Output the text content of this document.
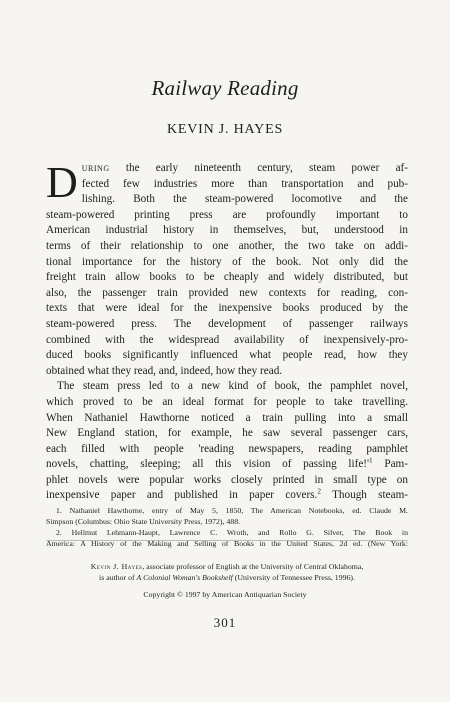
Railway Reading
KEVIN J. HAYES
D uring the early nineteenth century, steam power af-
fected few industries more than transportation and pub-
lishing. Both the steam-powered locomotive and the
steam-powered printing press are profoundly important to
American industrial history in themselves, but, understood in
terms of their relationship to one another, the two take on addi-
tional importance for the history of the book. Not only did the
freight train allow books to be cheaply and widely distributed, but
also, the passenger train provided new contexts for reading, con-
texts that were ideal for the inexpensive books produced by the
steam-powered press. The development of passenger railways
combined with the widespread availability of inexpensively-pro-
duced books significantly influenced what people read, how they
obtained what they read, and, indeed, how they read.
The steam press led to a new kind of book, the pamphlet novel,
which proved to be an ideal format for people to take travelling.
When Nathaniel Hawthorne noticed a train pulling into a small
New England station, for example, he saw several passenger cars,
each filled with people 'reading newspapers, reading pamphlet
novels, chatting, sleeping; all this vision of passing $life!'^1$ Pam-
phlet novels were popular works closely printed in small type on
inexpensive paper and published in paper covers.$^2$ Though steam-
1. Nathaniel Hawthorne, entry of May 5, 1850, The American Notebooks, ed. Claude M.
Simpson (Columbus: Ohio State University Press, 1972), 488.
2. Hellmut Lehmann-Haupt, Lawrence C. Wroth, and Rollo G. Silver, The Book in
America: A History of the Making and Selling of Books in the United States, 2d ed. (New York:
Kevin J. Hayes, associate professor of English at the University of Central Oklahoma,
is author of A Colonial Woman's Bookshelf (University of Tennessee Press, 1996).
Copyright © 1997 by American Antiquarian Society
301
